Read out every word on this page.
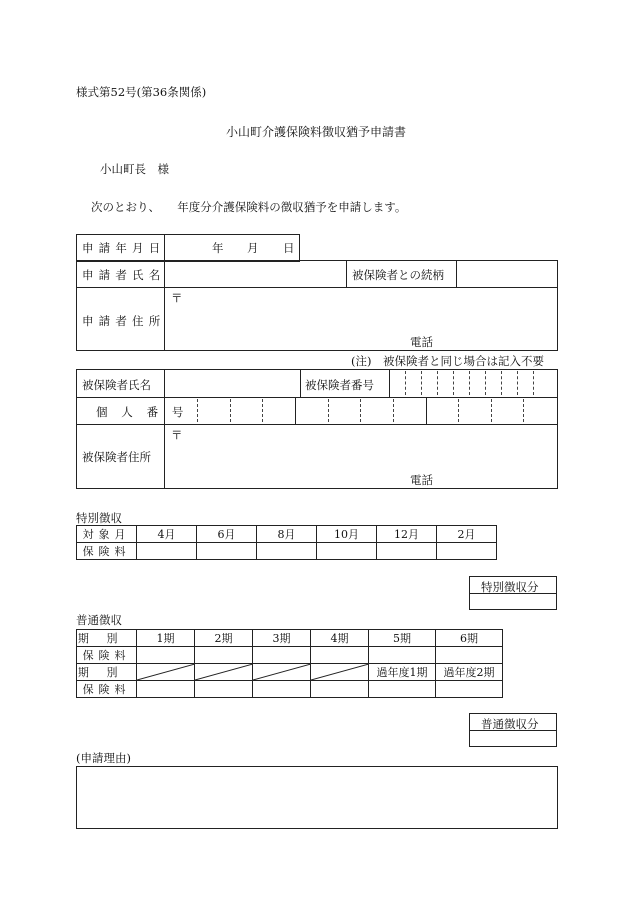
様式第52号(第36条関係)
小山町介護保険料徴収猶予申請書
小山町長　様
次のとおり、　　年度分介護保険料の徴収猶予を申請します。
申請年月日	年 月 日
申請者氏名	被保険者との続柄
申請者住所
〒
電話
(注)　被保険者と同じ場合は記入不要
被保険者氏名	被保険者番号
個人番号
被保険者住所
〒
電話
特別徴収
対象月	4月	6月	8月	10月	12月	2月
保険料						
特別徴収分
普通徴収
期別	1期	2期	3期	4期	5期	6期
保険料						
期別					過年度1期	過年度2期
保険料						
普通徴収分
(申請理由)
